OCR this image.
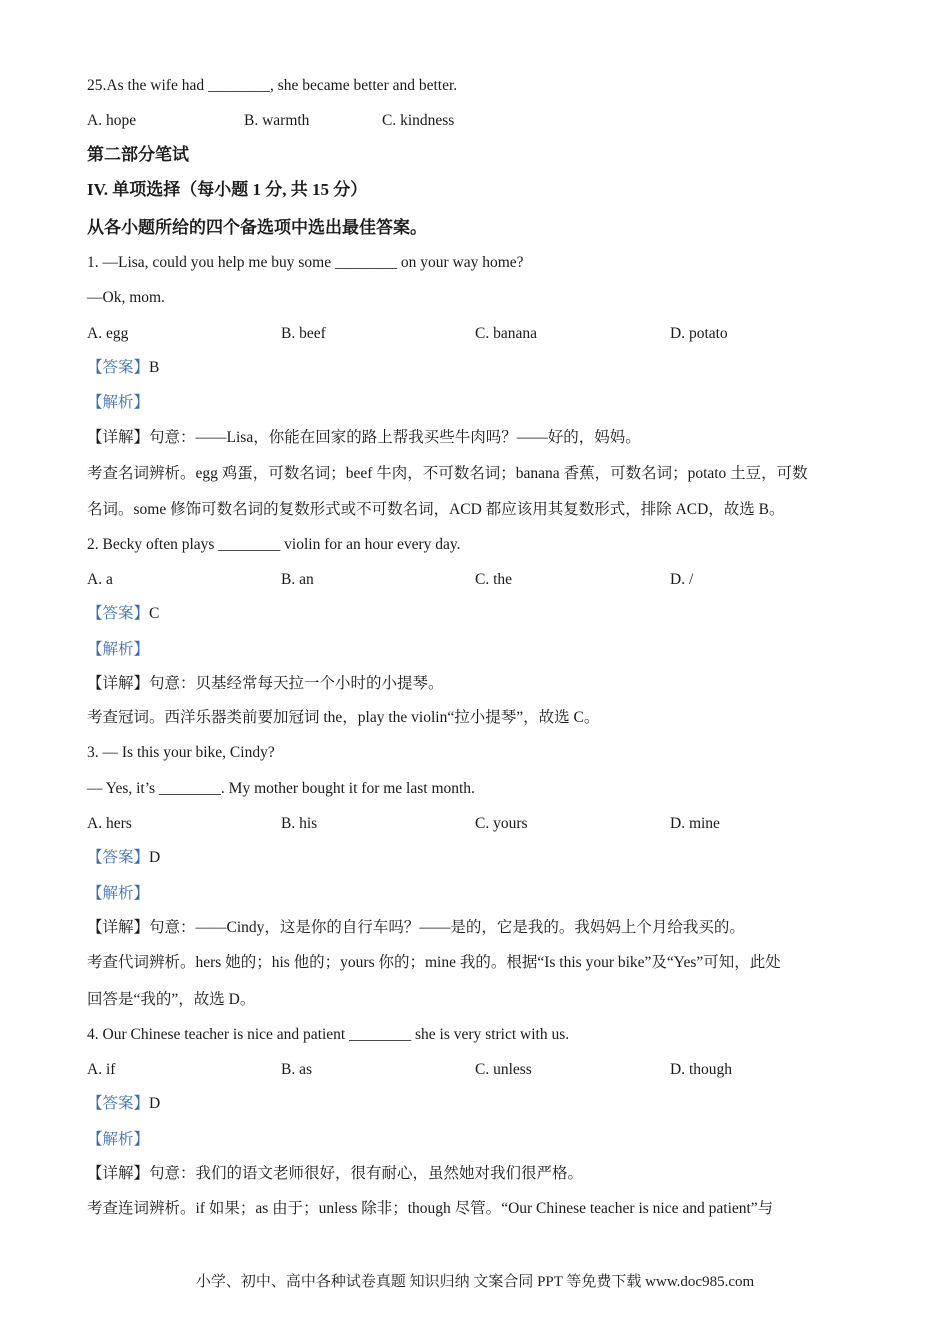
25.As the wife had ________, she became better and better.
A. hope	B. warmth	C. kindness
第二部分笔试
IV. 单项选择（每小题 1 分, 共 15 分）
从各小题所给的四个备选项中选出最佳答案。
1. —Lisa, could you help me buy some ________ on your way home?
—Ok, mom.
A. egg	B. beef	C. banana	D. potato
【答案】B
【解析】
【详解】句意：——Lisa，你能在回家的路上帮我买些牛肉吗？——好的，妈妈。
考查名词辨析。egg 鸡蛋，可数名词；beef 牛肉，不可数名词；banana 香蕉，可数名词；potato 土豆，可数
名词。some 修饰可数名词的复数形式或不可数名词，ACD 都应该用其复数形式，排除 ACD，故选 B。
2. Becky often plays ________ violin for an hour every day.
A. a	B. an	C. the	D. /
【答案】C
【解析】
【详解】句意：贝基经常每天拉一个小时的小提琴。
考查冠词。西洋乐器类前要加冠词 the，play the violin“拉小提琴”，故选 C。
3. — Is this your bike, Cindy?
— Yes, it’s ________. My mother bought it for me last month.
A. hers	B. his	C. yours	D. mine
【答案】D
【解析】
【详解】句意：——Cindy，这是你的自行车吗？——是的，它是我的。我妈妈上个月给我买的。
考查代词辨析。hers 她的；his 他的；yours 你的；mine 我的。根据“Is this your bike”及“Yes”可知，此处
回答是“我的”，故选 D。
4. Our Chinese teacher is nice and patient ________ she is very strict with us.
A. if	B. as	C. unless	D. though
【答案】D
【解析】
【详解】句意：我们的语文老师很好，很有耐心，虽然她对我们很严格。
考查连词辨析。if 如果；as 由于；unless 除非；though 尽管。“Our Chinese teacher is nice and patient”与
小学、初中、高中各种试卷真题 知识归纳 文案合同 PPT 等免费下载 www.doc985.com
